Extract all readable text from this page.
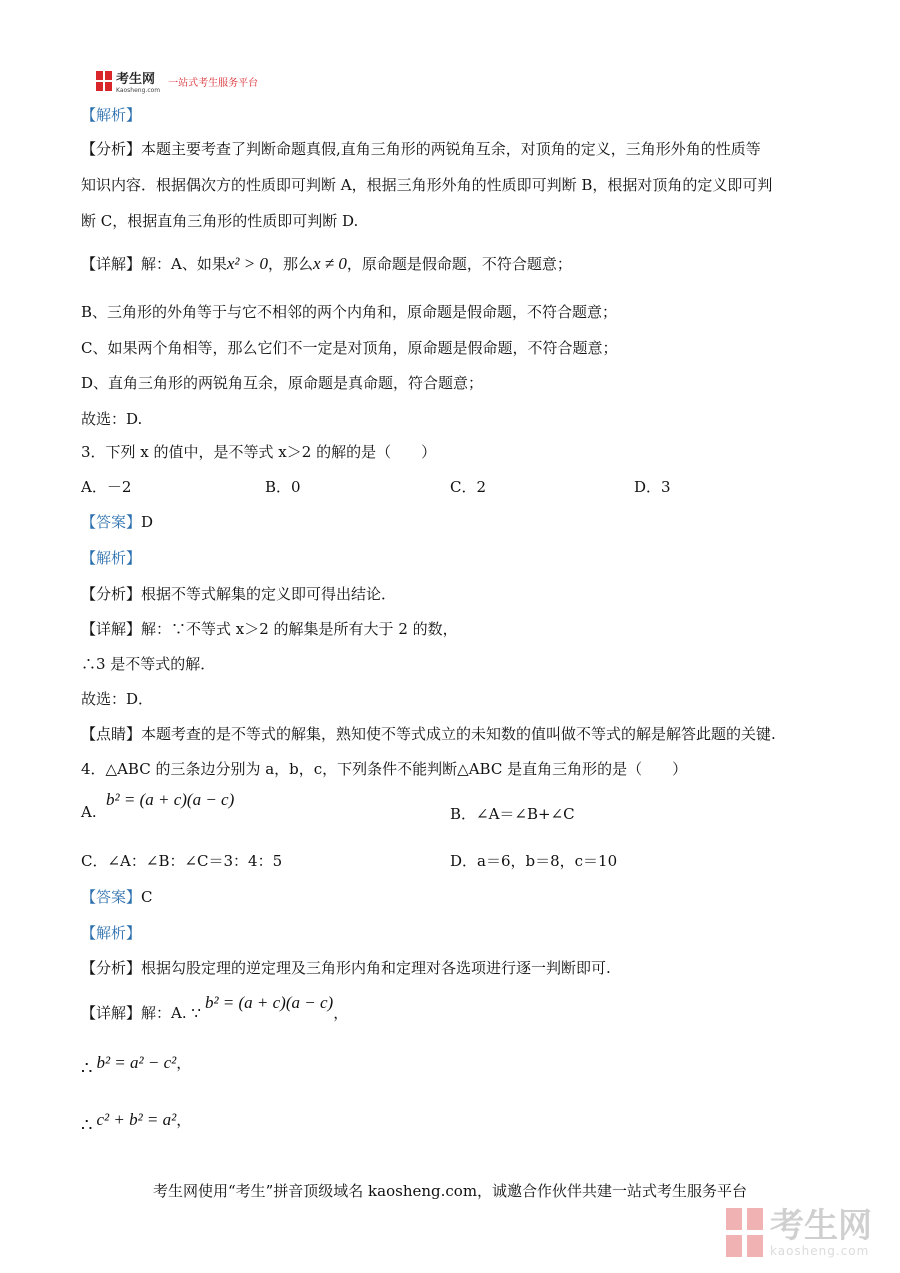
考生网
Kaosheng.com
一站式考生服务平台
【解析】
【分析】本题主要考查了判断命题真假,直角三角形的两锐角互余，对顶角的定义，三角形外角的性质等
知识内容．根据偶次方的性质即可判断 A，根据三角形外角的性质即可判断 B，根据对顶角的定义即可判
断 C，根据直角三角形的性质即可判断 D.
【详解】解：A、如果x² > 0，那么x ≠ 0，原命题是假命题，不符合题意；
B、三角形的外角等于与它不相邻的两个内角和，原命题是假命题，不符合题意；
C、如果两个角相等，那么它们不一定是对顶角，原命题是假命题，不符合题意；
D、直角三角形的两锐角互余，原命题是真命题，符合题意；
故选：D.
3．下列 x 的值中，是不等式 x＞2 的解的是（　　）
A．－2	B．0	C．2	D．3
【答案】D
【解析】
【分析】根据不等式解集的定义即可得出结论．
【详解】解：∵不等式 x＞2 的解集是所有大于 2 的数，
∴3 是不等式的解．
故选：D．
【点睛】本题考查的是不等式的解集，熟知使不等式成立的未知数的值叫做不等式的解是解答此题的关键.
4．△ABC 的三条边分别为 a，b，c，下列条件不能判断△ABC 是直角三角形的是（　　）
A.
b² = (a + c)(a − c)
B．∠A＝∠B+∠C
C．∠A：∠B：∠C＝3：4：5	D．a＝6，b＝8，c＝10
【答案】C
【解析】
【分析】根据勾股定理的逆定理及三角形内角和定理对各选项进行逐一判断即可.
【详解】解：A. ∵b² = (a + c)(a − c)，
∴ b² = a² − c²，
∴ c² + b² = a²，
考生网使用“考生”拼音顶级域名 kaosheng.com，诚邀合作伙伴共建一站式考生服务平台
考生网
kaosheng.com
